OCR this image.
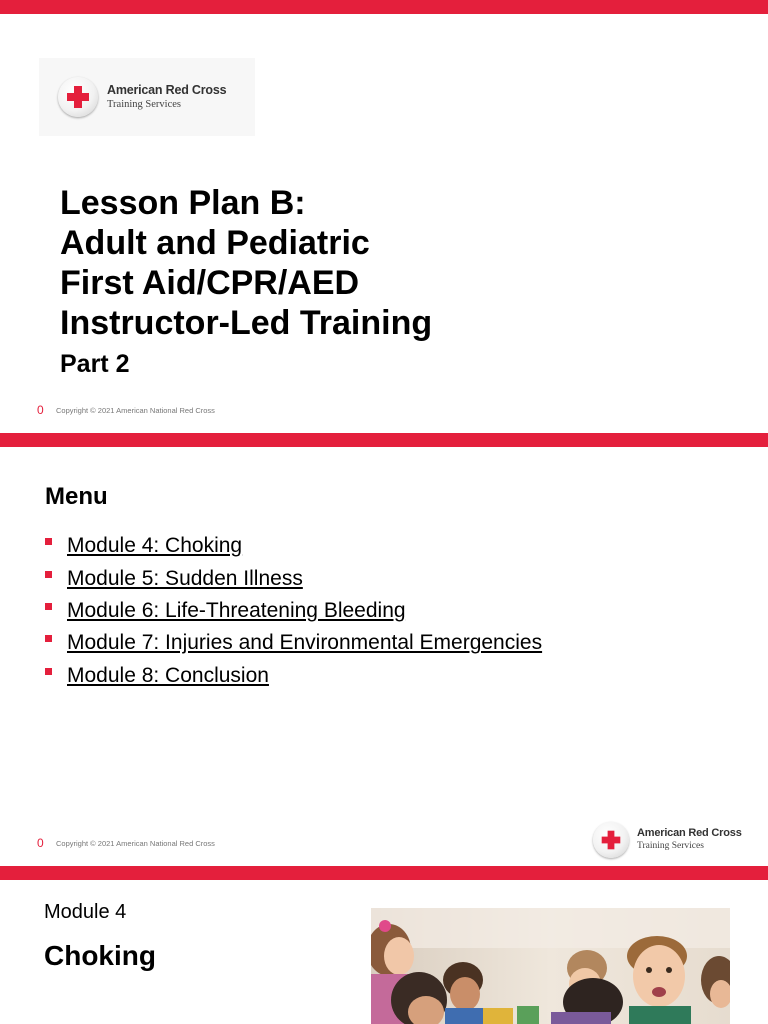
American Red Cross
Training Services
Lesson Plan B:
Adult and Pediatric
First Aid/CPR/AED
Instructor-Led Training
Part 2
0 Copyright © 2021 American National Red Cross
Menu
Module 4: Choking
Module 5: Sudden Illness
Module 6: Life-Threatening Bleeding
Module 7: Injuries and Environmental Emergencies
Module 8: Conclusion
0 Copyright © 2021 American National Red Cross
American Red Cross
Training Services
Module 4
Choking
